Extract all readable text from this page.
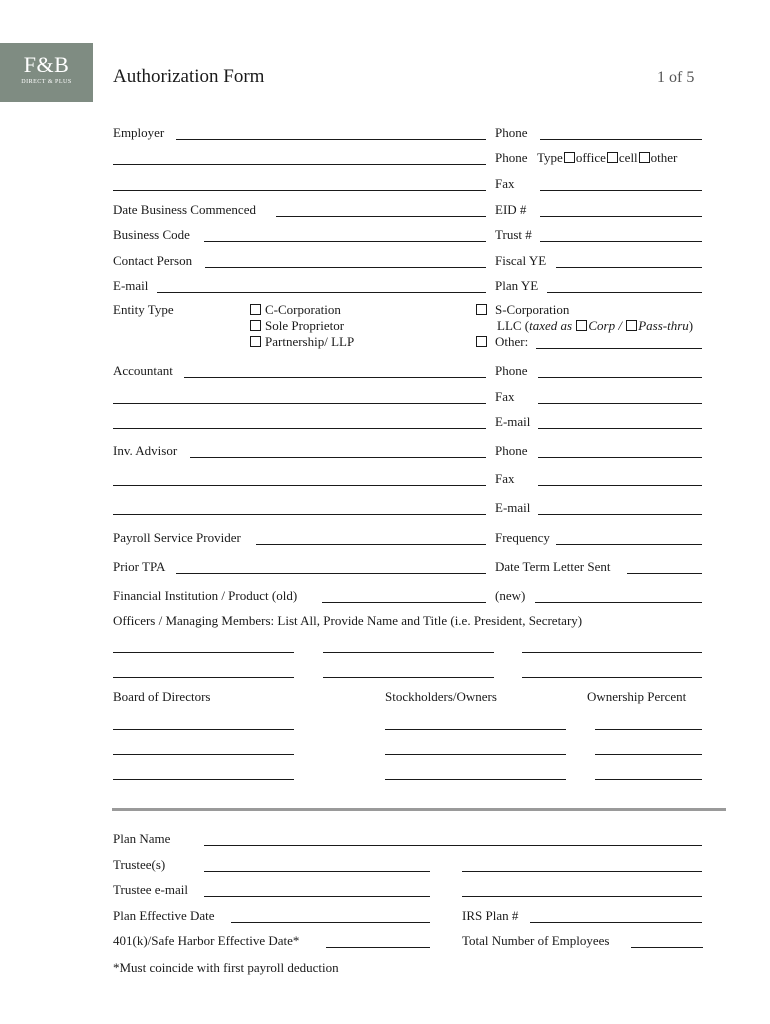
F&B
DIRECT & PLUS	Authorization Form	1 of 5
Employer	Phone
Phone Type office cell other
Fax
Date Business Commenced	EID #
Business Code	Trust #
Contact Person	Fiscal YE
E-mail	Plan YE
Entity Type	C-Corporation
Sole Proprietor
Partnership/ LLP
S-Corporation
LLC (taxed as Corp / Pass-thru)
Other:
Accountant	Phone
Fax
E-mail
Inv. Advisor	Phone
Fax
E-mail
Payroll Service Provider	Frequency
Prior TPA	Date Term Letter Sent
Financial Institution / Product (old)	(new)
Officers / Managing Members: List All, Provide Name and Title (i.e. President, Secretary)
Board of Directors	Stockholders/Owners	Ownership Percent
Plan Name
Trustee(s)
Trustee e-mail
Plan Effective Date	IRS Plan #
401(k)/Safe Harbor Effective Date*	Total Number of Employees
*Must coincide with first payroll deduction
